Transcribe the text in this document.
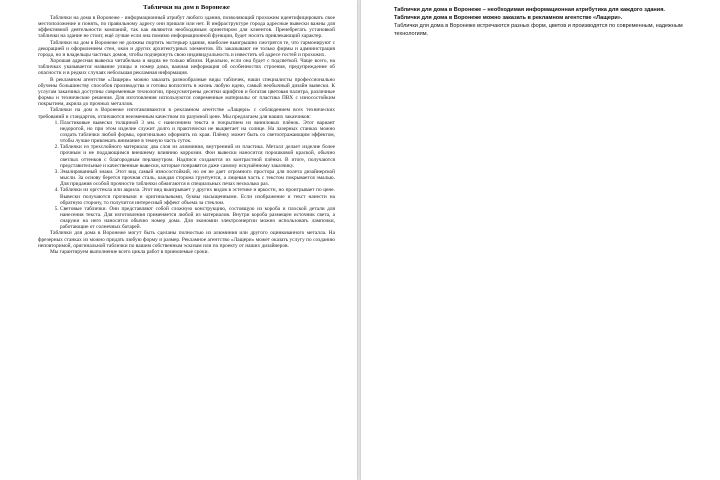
Таблички на дом в Воронеже

Таблички на дома в Воронеже - информационный атрибут любого здания, позволяющий прохожим идентифицировать свое местоположение и понять, по правильному адресу они пришли или нет. В инфраструктуре города адресные вывески важны для эффективной деятельности компаний, так как являются необходимым ориентиром для клиентов. Пренебрегать установкой таблички на здание не стоит, ещё лучше если она помимо информационной функции, будет носить привлекающий характер.

Таблички на дом в Воронеже не должны портить экстерьер здания, наиболее выигрышно смотрятся те, что гармонируют с декорацией и оформлением стен, окон и других архитектурных элементов. Их заказывают не только фирмы и администрация города, но и владельцы частных домов, чтобы подчеркнуть свою индивидуальность и известить об адресе гостей и прохожих.

Хорошая адресная вывеска читабельна и видна не только вблизи. Идеально, если она будет с подсветкой. Чаще всего, на табличках указывается название улицы и номер дома, важная информация об особенностях строения, предупреждение об опасности и в редких случаях небольшая рекламная информация.

В рекламном агентстве «Лащери» можно заказать разнообразные виды табличек, наши специалисты профессионально обучены большинству способов производства и готовы воплотить в жизнь любую идею, самый необычный дизайн вывески. К услугам заказчика доступны современные технологии, предусмотрены десятки шрифтов и богатая цветовая палитра, различные формы и технические решения. Для изготовления используются современные материалы от пластика ПВХ с износостойким покрытием, акрила до прочных металлов.

Таблички на дом в Воронеже изготавливаются в рекламном агентстве «Лащери» с соблюдением всех технических требований и стандартов, отличаются неизменным качеством по разумной цене. Мы предлагаем для наших заказчиков:

1. Пластиковые вывески толщиной 3 мм. с нанесением текста и покрытием из виниловых плёнок. Этот вариант недорогой, но при этом изделие служит долго и практически не выцветает на солнце. На лазерных станках можно создать таблички любой формы, оригинально оформить их края. Плёнку может быть со светоотражающим эффектом, чтобы лучше привлекать внимание в темную часть суток.
2. Таблички из трехслойного материала: два слоя из алюминия, внутренний из пластика. Металл делает изделие более прочным и не поддающимся внешнему влиянию коррозии. Фон вывески наносится порошковой краской, обычно светлых оттенков с благородным перламутром. Надписи создаются из контрастной плёнки. В итоге, получаются представительные и качественные вывески, которые понравятся даже самому искушённому заказчику.
3. Эмалированный знаки. Этот вид самый износостойкий, но он не дает огромного простора для полета дизайнерской мысли. За основу берется прочная сталь, каждая сторона грунтуется, а лицевая часть с текстом покрывается эмалью. Для придания особой прочности таблички обжигаются в специальных печах несколько раз.
4. Таблички из оргстекла или акрила. Этот вид выигрывает у других видов в эстетике и яркости, но проигрывает по цене. Вывески получаются прочными и оригинальными, буквы насыщенными. Если изображение и текст нанести на обратную сторону, то получится интересный эффект объема за стеклом.
5. Световые таблички. Они представляют собой сложную конструкцию, состоящую из короба и плоской детали для нанесения текста. Для изготовления применяется любой из материалов. Внутри короба размещен источник света, а снаружи на него наносится обычно номер дома. Для экономии электроэнергии можно использовать лампочки, работающие от солнечных батарей.

Таблички для дома в Воронеже могут быть сделаны полностью из алюминия или другого оцинкованного металла. На фрезерных станках из можно придать любую форму и размер. Рекламное агентство «Лащери» может оказать услугу по созданию неповторимой, оригинальной таблички по вашим собственным эскизам или по проекту от наших дизайнеров.

Мы гарантируем выполнение всего цикла работ в приемлемые сроки.

Таблички для дома в Воронеже – необходимая информационная атрибутика для каждого здания. Таблички для дома в Воронеже можно заказать в рекламном агентстве «Лащери».

Таблички для дома в Воронеже встречаются разных форм, цветов и производятся по современным, надежным технологиям.
